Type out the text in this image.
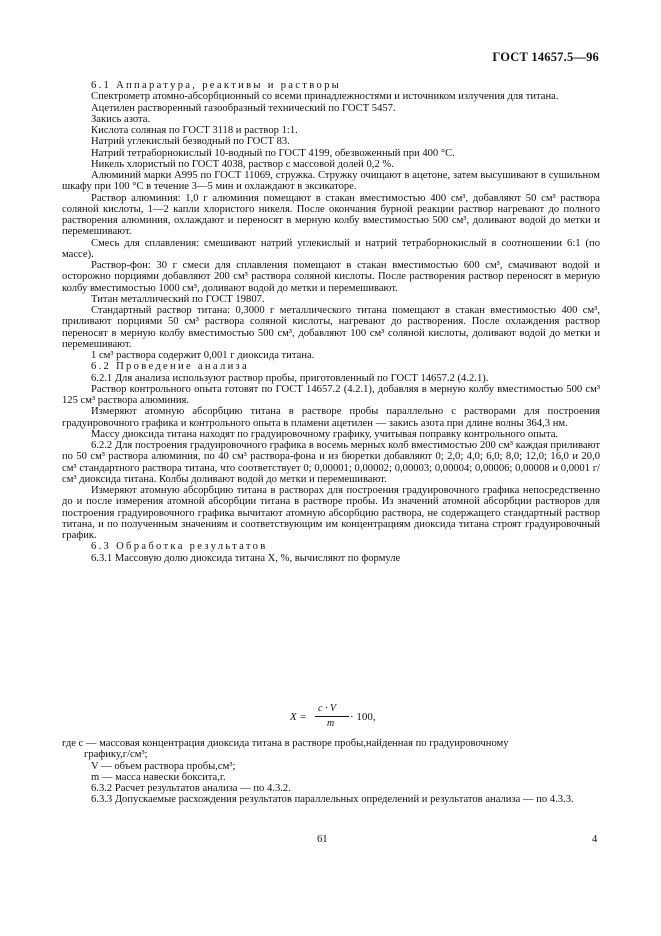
ГОСТ 14657.5—96

6.1 Аппаратура, реактивы и растворы

Спектрометр атомно-абсорбционный со всеми принадлежностями и источником излучения для титана.

Ацетилен растворенный газообразный технический по ГОСТ 5457.

Закись азота.

Кислота соляная по ГОСТ 3118 и раствор 1:1.

Натрий углекислый безводный по ГОСТ 83.

Натрий тетраборнокислый 10-водный по ГОСТ 4199, обезвоженный при 400 °С.

Никель хлористый по ГОСТ 4038, раствор с массовой долей 0,2 %.

Алюминий марки А995 по ГОСТ 11069, стружка. Стружку очищают в ацетоне, затем высушивают в сушильном шкафу при 100 °С в течение 3—5 мин и охлаждают в эксикаторе.

Раствор алюминия: 1,0 г алюминия помещают в стакан вместимостью 400 см³, добавляют 50 см³ раствора соляной кислоты, 1—2 капли хлористого никеля. После окончания бурной реакции раствор нагревают до полного растворения алюминия, охлаждают и переносят в мерную колбу вместимостью 500 см³, доливают водой до метки и перемешивают.

Смесь для сплавления: смешивают натрий углекислый и натрий тетраборнокислый в соотношении 6:1 (по массе).

Раствор-фон: 30 г смеси для сплавления помещают в стакан вместимостью 600 см³, смачивают водой и осторожно порциями добавляют 200 см³ раствора соляной кислоты. После растворения раствор переносят в мерную колбу вместимостью 1000 см³, доливают водой до метки и перемешивают.

Титан металлический по ГОСТ 19807.

Стандартный раствор титана: 0,3000 г металлического титана помещают в стакан вместимостью 400 см³, приливают порциями 50 см³ раствора соляной кислоты, нагревают до растворения. После охлаждения раствор переносят в мерную колбу вместимостью 500 см³, добавляют 100 см³ соляной кислоты, доливают водой до метки и перемешивают.

1 см³ раствора содержит 0,001 г диоксида титана.

6.2 Проведение анализа

6.2.1 Для анализа используют раствор пробы, приготовленный по ГОСТ 14657.2 (4.2.1).

Раствор контрольного опыта готовят по ГОСТ 14657.2 (4.2.1), добавляя в мерную колбу вместимостью 500 см³ 125 см³ раствора алюминия.

Измеряют атомную абсорбцию титана в растворе пробы параллельно с растворами для построения градуировочного графика и контрольного опыта в пламени ацетилен — закись азота при длине волны 364,3 нм.

Массу диоксида титана находят по градуировочному графику, учитывая поправку контрольного опыта.

6.2.2 Для построения градуировочного графика в восемь мерных колб вместимостью 200 см³ каждая приливают по 50 см³ раствора алюминия, по 40 см³ раствора-фона и из бюретки добавляют 0; 2,0; 4,0; 6,0; 8,0; 12,0; 16,0 и 20,0 см³ стандартного раствора титана, что соответствует 0; 0,00001; 0,00002; 0,00003; 0,00004; 0,00006; 0,00008 и 0,0001 г/см³ диоксида титана. Колбы доливают водой до метки и перемешивают.

Измеряют атомную абсорбцию титана в растворах для построения градуировочного графика непосредственно до и после измерения атомной абсорбции титана в растворе пробы. Из значений атомной абсорбции растворов для построения градуировочного графика вычитают атомную абсорбцию раствора, не содержащего стандартный раствор титана, и по полученным значениям и соответствующим им концентрациям диоксида титана строят градуировочный график.

6.3 Обработка результатов

6.3.1 Массовую долю диоксида титана X, %, вычисляют по формуле

X =
c · V
m
· 100,

где c — массовая концентрация диоксида титана в растворе пробы,найденная по градуировочному

графику,г/см³;

V — объем раствора пробы,см³;

m — масса навески боксита,г.

6.3.2 Расчет результатов анализа — по 4.3.2.

6.3.3 Допускаемые расхождения результатов параллельных определений и результатов анализа — по 4.3.3.

61	4
